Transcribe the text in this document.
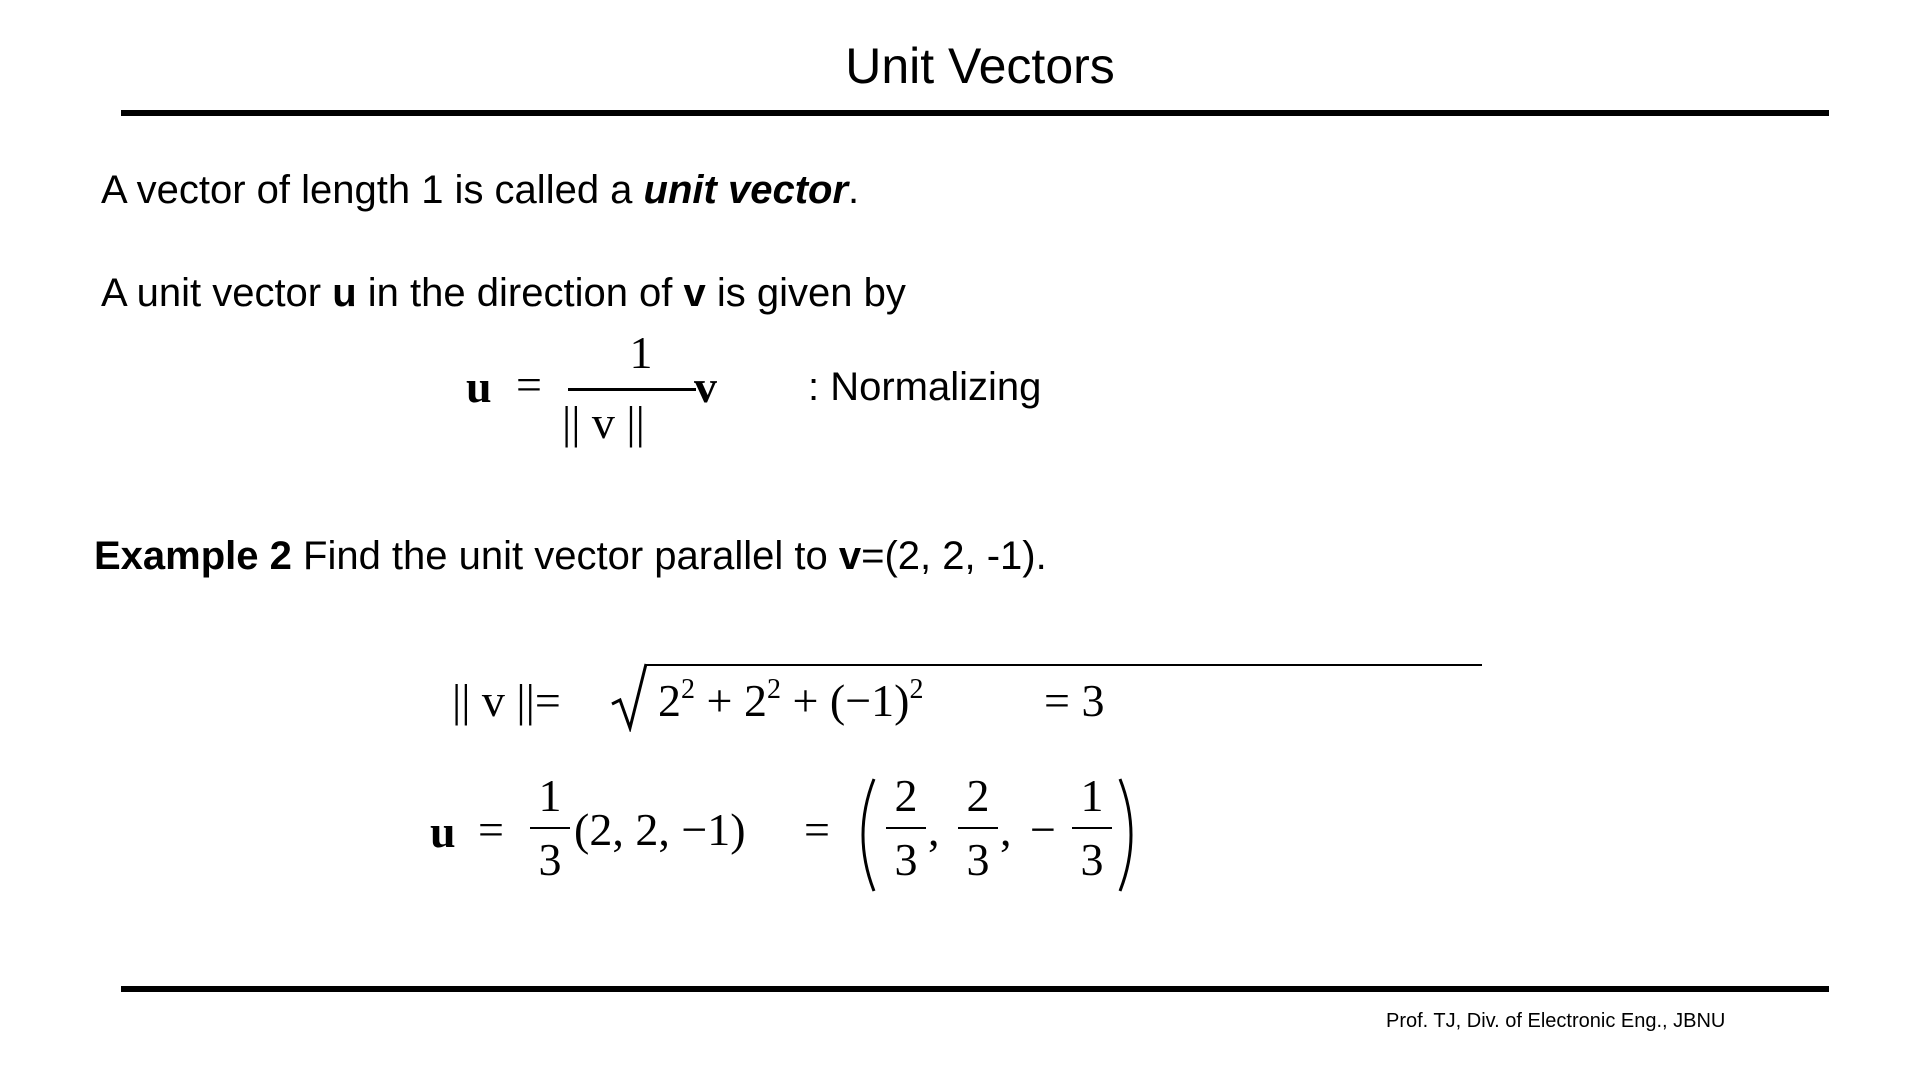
Unit Vectors
A vector of length 1 is called a unit vector.
A unit vector u in the direction of v is given by
u =
1
|| v ||
v : Normalizing
Example 2 Find the unit vector parallel to v=(2, 2, -1).
|| v ||= $2^2 + 2^2 + (-1)^2$	= 3
u =
1
3
(2, 2, −1) =
2
3
,
2
3
, −
1
3
Prof. TJ, Div. of Electronic Eng., JBNU
